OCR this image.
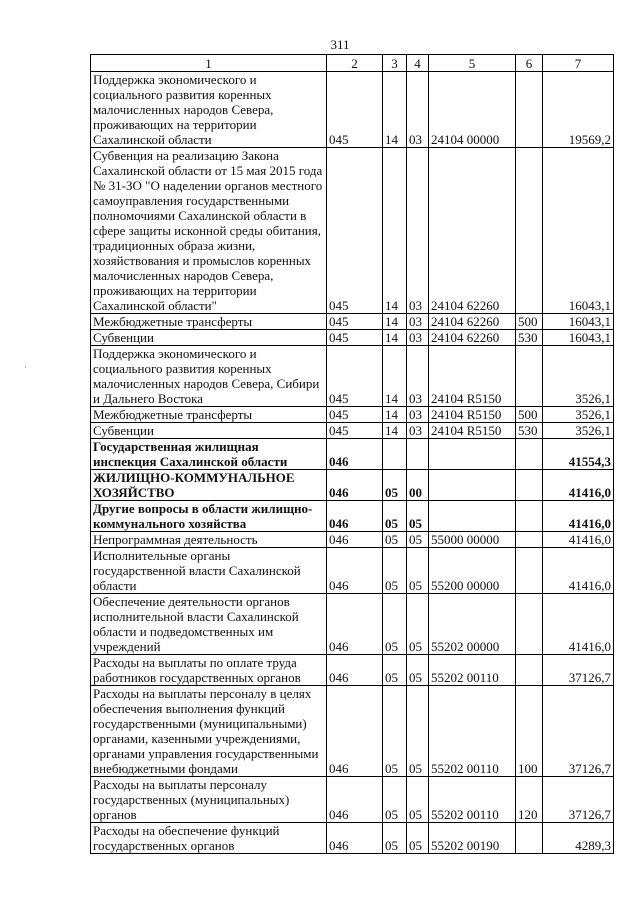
311
1	2	3	4	5	6	7
Поддержка экономического и социального развития коренных малочисленных народов Севера, проживающих на территории Сахалинской области	045	14	03	24104 00000		19569,2
Субвенция на реализацию Закона Сахалинской области от 15 мая 2015 года № 31-ЗО "О наделении органов местного самоуправления государственными полномочиями Сахалинской области в сфере защиты исконной среды обитания, традиционных образа жизни, хозяйствования и промыслов коренных малочисленных народов Севера, проживающих на территории Сахалинской области"	045	14	03	24104 62260		16043,1
Межбюджетные трансферты	045	14	03	24104 62260	500	16043,1
Субвенции	045	14	03	24104 62260	530	16043,1
Поддержка экономического и социального развития коренных малочисленных народов Севера, Сибири и Дальнего Востока	045	14	03	24104 R5150		3526,1
Межбюджетные трансферты	045	14	03	24104 R5150	500	3526,1
Субвенции	045	14	03	24104 R5150	530	3526,1
Государственная жилищная инспекция Сахалинской области	046					41554,3
ЖИЛИЩНО-КОММУНАЛЬНОЕ ХОЗЯЙСТВО	046	05	00			41416,0
Другие вопросы в области жилищно-коммунального хозяйства	046	05	05			41416,0
Непрограммная деятельность	046	05	05	55000 00000		41416,0
Исполнительные органы государственной власти Сахалинской области	046	05	05	55200 00000		41416,0
Обеспечение деятельности органов исполнительной власти Сахалинской области и подведомственных им учреждений	046	05	05	55202 00000		41416,0
Расходы на выплаты по оплате труда работников государственных органов	046	05	05	55202 00110		37126,7
Расходы на выплаты персоналу в целях обеспечения выполнения функций государственными (муниципальными) органами, казенными учреждениями, органами управления государственными внебюджетными фондами	046	05	05	55202 00110	100	37126,7
Расходы на выплаты персоналу государственных (муниципальных) органов	046	05	05	55202 00110	120	37126,7
Расходы на обеспечение функций государственных органов	046	05	05	55202 00190		4289,3
·
